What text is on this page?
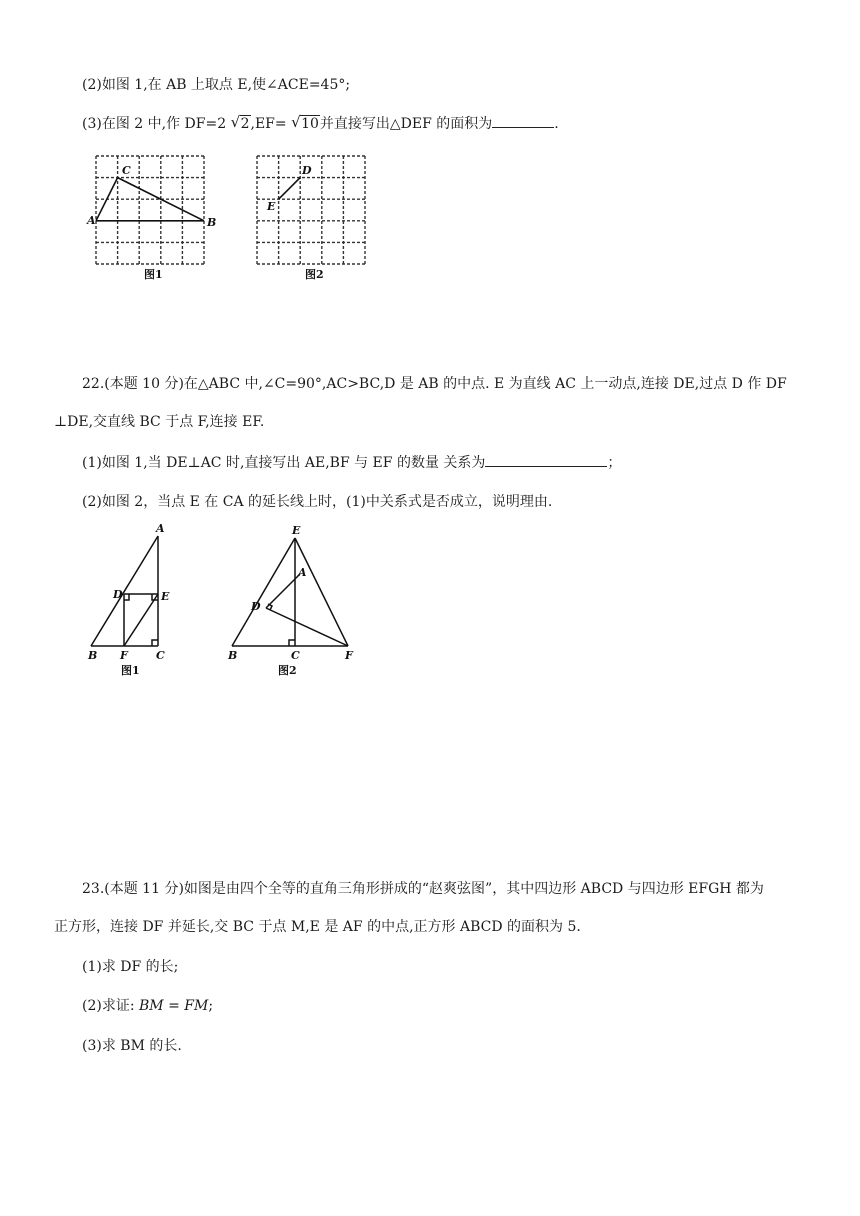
(2)如图 1,在 AB 上取点 E,使∠ACE=45°;
(3)在图 2 中,作 DF=2 √ 2,EF= √ 10并直接写出△DEF 的面积为	.
C
A	B
图1
D
E
图2
22.(本题 10 分)在△ABC 中,∠C=90°,AC>BC,D 是 AB 的中点. E 为直线 AC 上一动点,连接 DE,过点 D 作 DF
⊥DE,交直线 BC 于点 F,连接 EF.
(1)如图 1,当 DE⊥AC 时,直接写出 AE,BF 与 EF 的数量 关系为	；
(2)如图 2，当点 E 在 CA 的延长线上时，(1)中关系式是否成立，说明理由.
A
D	E
B F	C
图1
E
A
D
B	C	F
图2
23.(本题 11 分)如图是由四个全等的直角三角形拼成的“赵爽弦图”，其中四边形 ABCD 与四边形 EFGH 都为
正方形，连接 DF 并延长,交 BC 于点 M,E 是 AF 的中点,正方形 ABCD 的面积为 5.
(1)求 DF 的长;
(2)求证: BM = FM;
(3)求 BM 的长.
